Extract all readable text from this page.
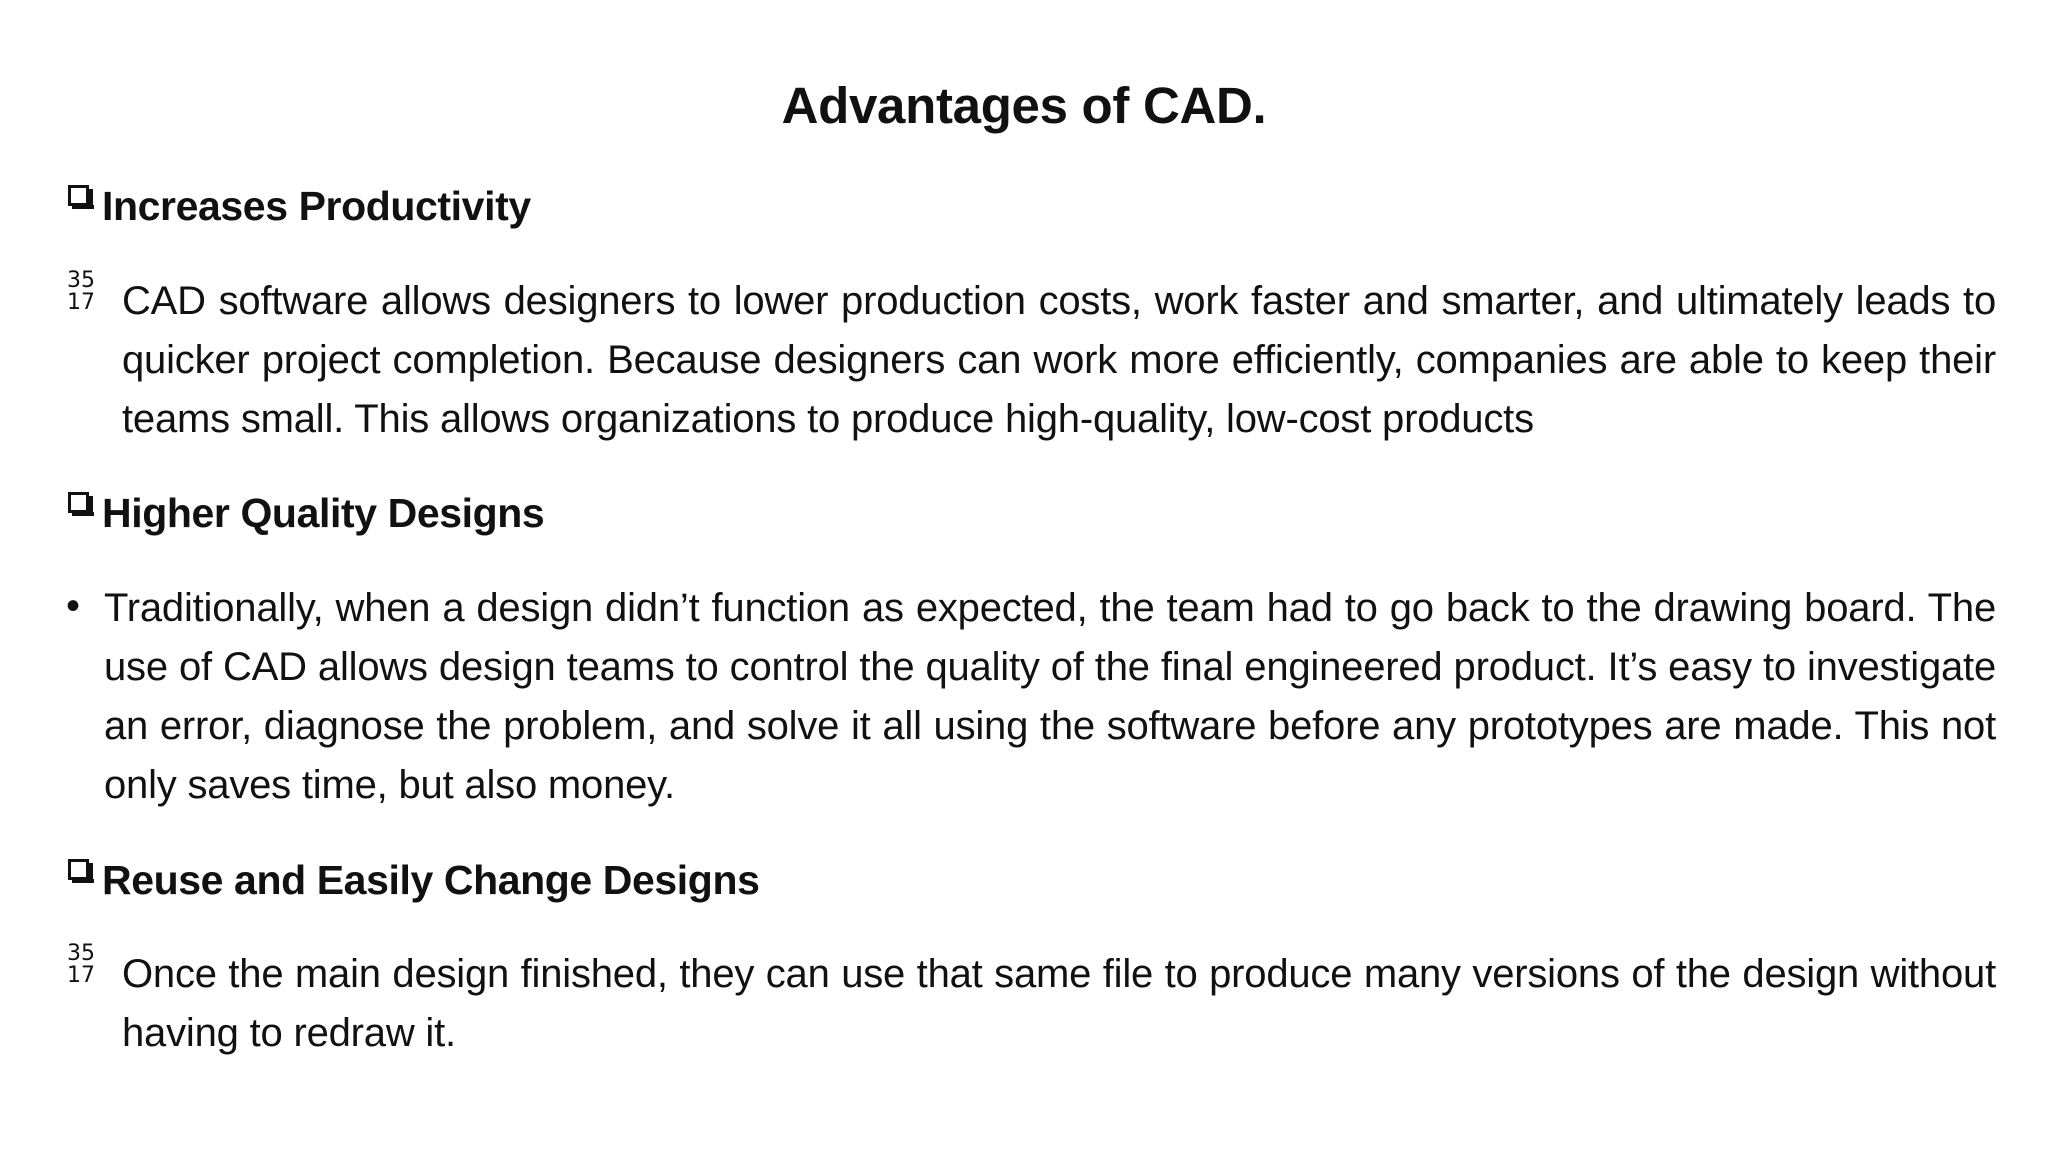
Advantages of CAD.
Increases Productivity
35
17 CAD software allows designers to lower production costs, work faster and smarter, and ultimately leads to quicker project completion. Because designers can work more efficiently, companies are able to keep their teams small. This allows organizations to produce high-quality, low-cost products
Higher Quality Designs
• Traditionally, when a design didn’t function as expected, the team had to go back to the drawing board. The use of CAD allows design teams to control the quality of the final engineered product. It’s easy to investigate an error, diagnose the problem, and solve it all using the software before any prototypes are made. This not only saves time, but also money.
Reuse and Easily Change Designs
35
17 Once the main design finished, they can use that same file to produce many versions of the design without having to redraw it.
